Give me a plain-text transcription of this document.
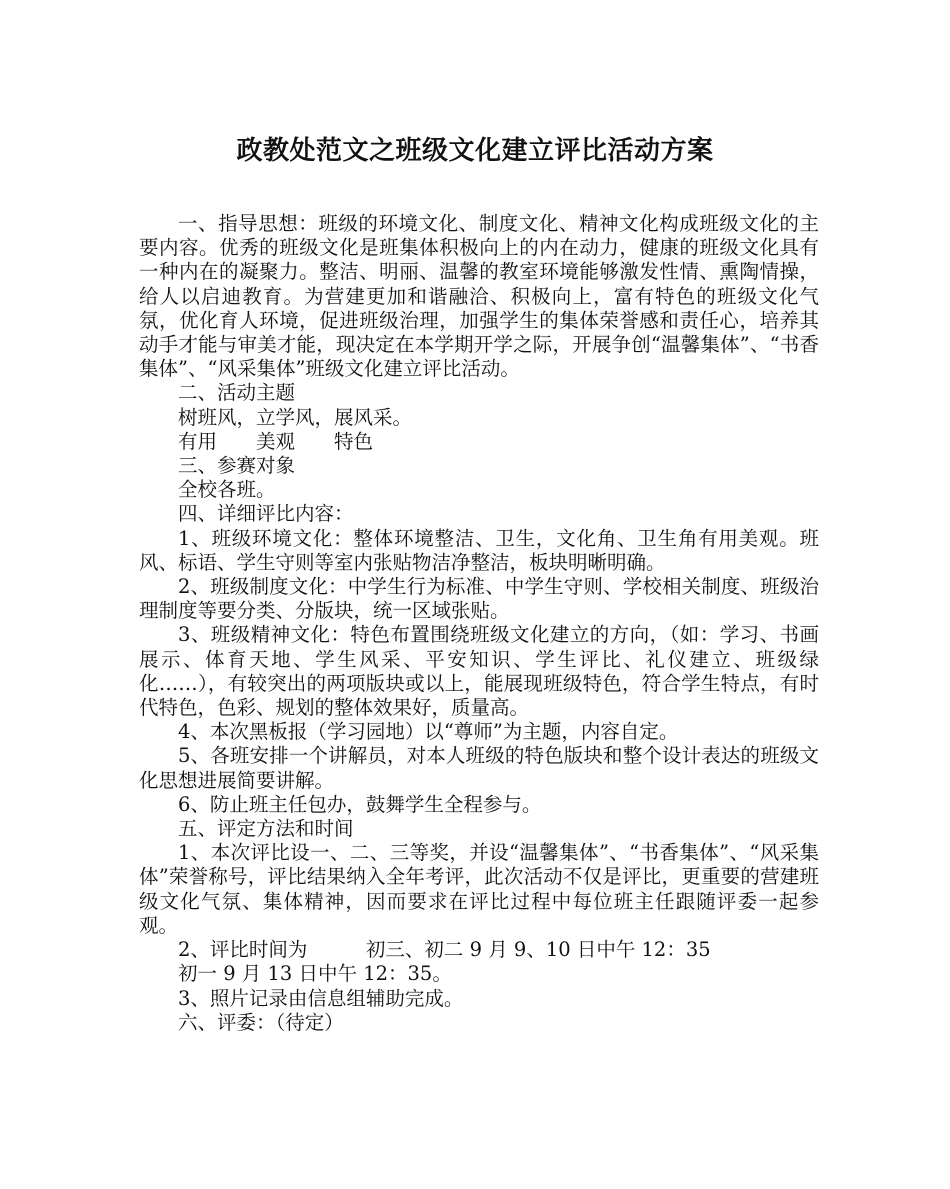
政教处范文之班级文化建立评比活动方案

一、指导思想：班级的环境文化、制度文化、精神文化构成班级文化的主要内容。优秀的班级文化是班集体积极向上的内在动力，健康的班级文化具有一种内在的凝聚力。整洁、明丽、温馨的教室环境能够激发性情、熏陶情操，给人以启迪教育。为营建更加和谐融洽、积极向上，富有特色的班级文化气氛，优化育人环境，促进班级治理，加强学生的集体荣誉感和责任心，培养其动手才能与审美才能，现决定在本学期开学之际，开展争创“温馨集体”、“书香集体”、“风采集体”班级文化建立评比活动。

二、活动主题

树班风，立学风，展风采。

有用　　美观　　特色

三、参赛对象

全校各班。

四、详细评比内容：

1、班级环境文化：整体环境整洁、卫生，文化角、卫生角有用美观。班风、标语、学生守则等室内张贴物洁净整洁，板块明晰明确。

2、班级制度文化：中学生行为标准、中学生守则、学校相关制度、班级治理制度等要分类、分版块，统一区域张贴。

3、班级精神文化：特色布置围绕班级文化建立的方向，（如：学习、书画展示、体育天地、学生风采、平安知识、学生评比、礼仪建立、班级绿化……），有较突出的两项版块或以上，能展现班级特色，符合学生特点，有时代特色，色彩、规划的整体效果好，质量高。

4、本次黑板报（学习园地）以“尊师”为主题，内容自定。

5、各班安排一个讲解员，对本人班级的特色版块和整个设计表达的班级文化思想进展简要讲解。

6、防止班主任包办，鼓舞学生全程参与。

五、评定方法和时间

1、本次评比设一、二、三等奖，并设“温馨集体”、“书香集体”、“风采集体”荣誉称号，评比结果纳入全年考评，此次活动不仅是评比，更重要的营建班级文化气氛、集体精神，因而要求在评比过程中每位班主任跟随评委一起参观。

2、评比时间为　　　初三、初二 9 月 9、10 日中午 12：35

初一 9 月 13 日中午 12：35。

3、照片记录由信息组辅助完成。

六、评委：（待定）
